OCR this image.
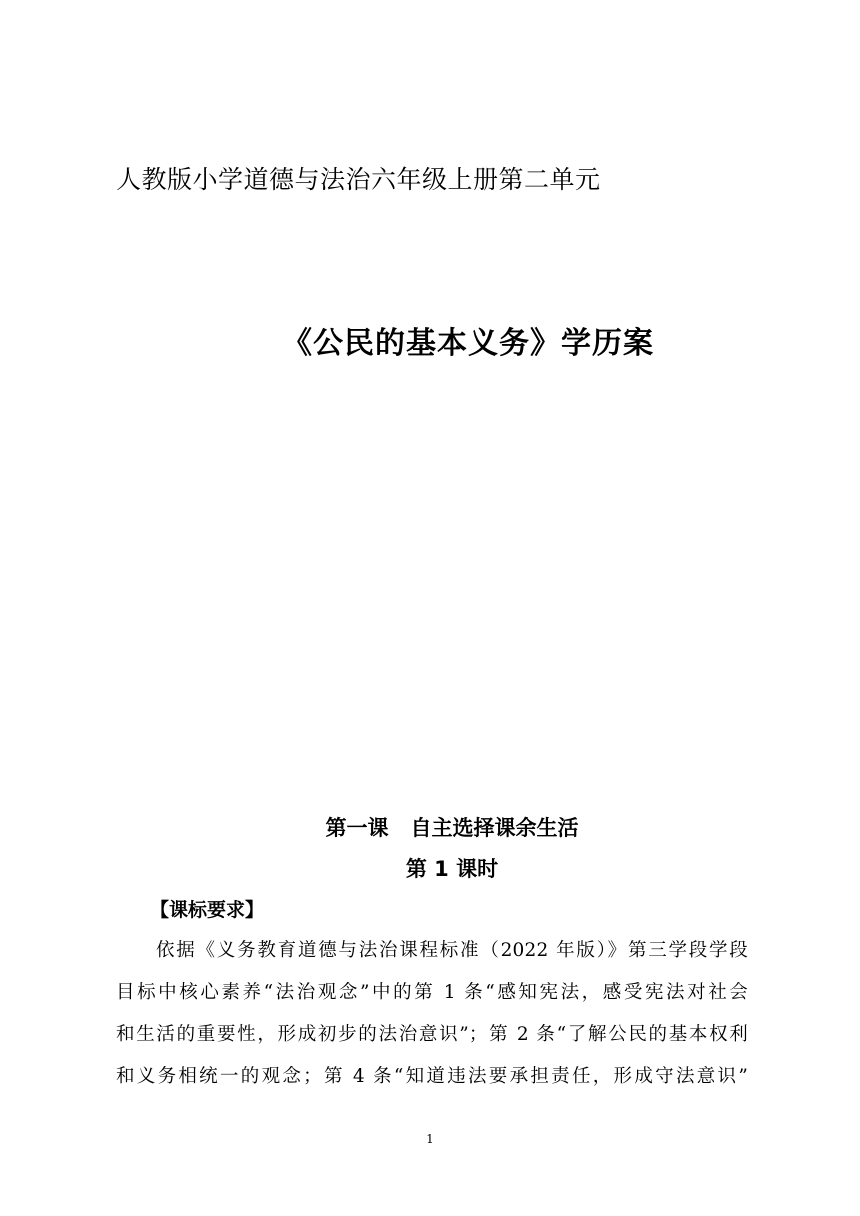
人教版小学道德与法治六年级上册第二单元
《公民的基本义务》学历案
第一课 自主选择课余生活
第 1 课时
【课标要求】
依据《义务教育道德与法治课程标准（2022 年版）》第三学段学段
目标中核心素养“法治观念”中的第 1 条“感知宪法，感受宪法对社会
和生活的重要性，形成初步的法治意识”；第 2 条“了解公民的基本权利
和义务相统一的观念；第 4 条“知道违法要承担责任，形成守法意识”
1
